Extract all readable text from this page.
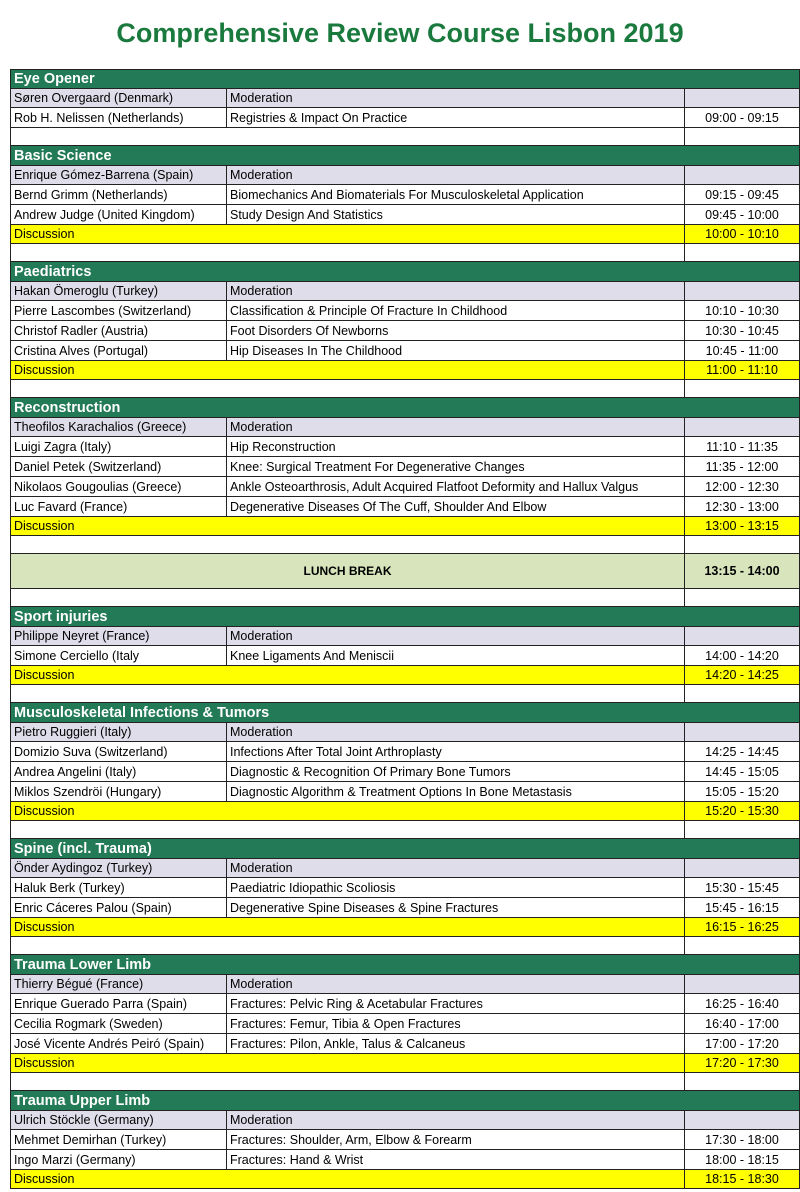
Comprehensive Review Course Lisbon 2019
Eye Opener
Søren Overgaard (Denmark)	Moderation
Rob H. Nelissen (Netherlands)	Registries & Impact On Practice	09:00 - 09:15
Basic Science
Enrique Gómez-Barrena (Spain)	Moderation
Bernd Grimm (Netherlands)	Biomechanics And Biomaterials For Musculoskeletal Application	09:15 - 09:45
Andrew Judge (United Kingdom)	Study Design And Statistics	09:45 - 10:00
Discussion	10:00 - 10:10
Paediatrics
Hakan Ömeroglu (Turkey)	Moderation
Pierre Lascombes (Switzerland)	Classification & Principle Of Fracture In Childhood	10:10 - 10:30
Christof Radler (Austria)	Foot Disorders Of Newborns	10:30 - 10:45
Cristina Alves (Portugal)	Hip Diseases In The Childhood	10:45 - 11:00
Discussion	11:00 - 11:10
Reconstruction
Theofilos Karachalios (Greece)	Moderation
Luigi Zagra (Italy)	Hip Reconstruction	11:10 - 11:35
Daniel Petek (Switzerland)	Knee: Surgical Treatment For Degenerative Changes	11:35 - 12:00
Nikolaos Gougoulias (Greece)	Ankle Osteoarthrosis, Adult Acquired Flatfoot Deformity and Hallux Valgus	12:00 - 12:30
Luc Favard (France)	Degenerative Diseases Of The Cuff, Shoulder And Elbow	12:30 - 13:00
Discussion	13:00 - 13:15
LUNCH BREAK	13:15 - 14:00
Sport injuries
Philippe Neyret (France)	Moderation
Simone Cerciello (Italy	Knee Ligaments And Meniscii	14:00 - 14:20
Discussion	14:20 - 14:25
Musculoskeletal Infections & Tumors
Pietro Ruggieri (Italy)	Moderation
Domizio Suva (Switzerland)	Infections After Total Joint Arthroplasty	14:25 - 14:45
Andrea Angelini (Italy)	Diagnostic & Recognition Of Primary Bone Tumors	14:45 - 15:05
Miklos Szendröi (Hungary)	Diagnostic Algorithm & Treatment Options In Bone Metastasis	15:05 - 15:20
Discussion	15:20 - 15:30
Spine (incl. Trauma)
Önder Aydingoz (Turkey)	Moderation
Haluk Berk (Turkey)	Paediatric Idiopathic Scoliosis	15:30 - 15:45
Enric Cáceres Palou (Spain)	Degenerative Spine Diseases & Spine Fractures	15:45 - 16:15
Discussion	16:15 - 16:25
Trauma Lower Limb
Thierry Bégué (France)	Moderation
Enrique Guerado Parra (Spain)	Fractures: Pelvic Ring & Acetabular Fractures	16:25 - 16:40
Cecilia Rogmark (Sweden)	Fractures: Femur, Tibia & Open Fractures	16:40 - 17:00
José Vicente Andrés Peiró (Spain)	Fractures: Pilon, Ankle, Talus & Calcaneus	17:00 - 17:20
Discussion	17:20 - 17:30
Trauma Upper Limb
Ulrich Stöckle (Germany)	Moderation
Mehmet Demirhan (Turkey)	Fractures: Shoulder, Arm, Elbow & Forearm	17:30 - 18:00
Ingo Marzi (Germany)	Fractures: Hand & Wrist	18:00 - 18:15
Discussion	18:15 - 18:30
